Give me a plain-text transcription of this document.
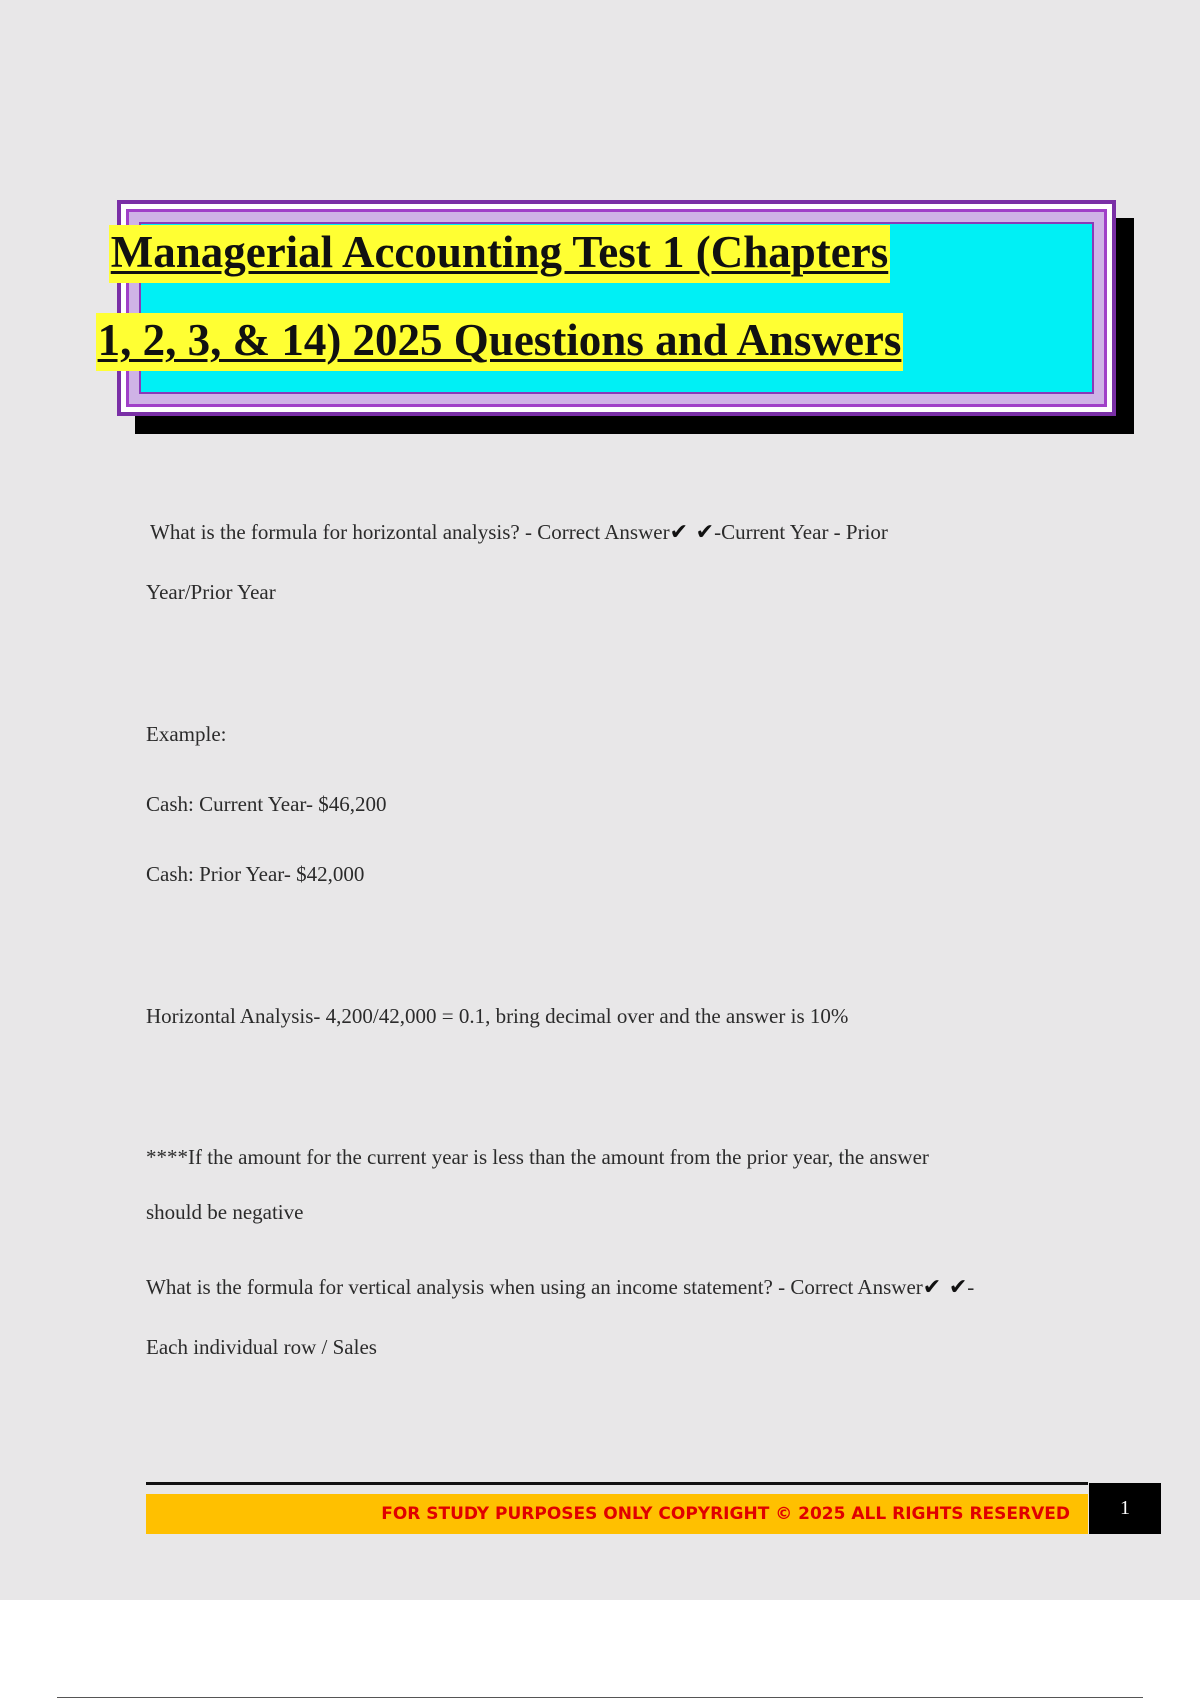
Managerial Accounting Test 1 (Chapters
1, 2, 3, & 14) 2025 Questions and Answers
What is the formula for horizontal analysis? - Correct Answer✔ ✔-Current Year - Prior
Year/Prior Year
Example:
Cash: Current Year- $46,200
Cash: Prior Year- $42,000
Horizontal Analysis- 4,200/42,000 = 0.1, bring decimal over and the answer is 10%
****If the amount for the current year is less than the amount from the prior year, the answer
should be negative
What is the formula for vertical analysis when using an income statement? - Correct Answer✔ ✔-
Each individual row / Sales
FOR STUDY PURPOSES ONLY COPYRIGHT © 2025 ALL RIGHTS RESERVED	1
